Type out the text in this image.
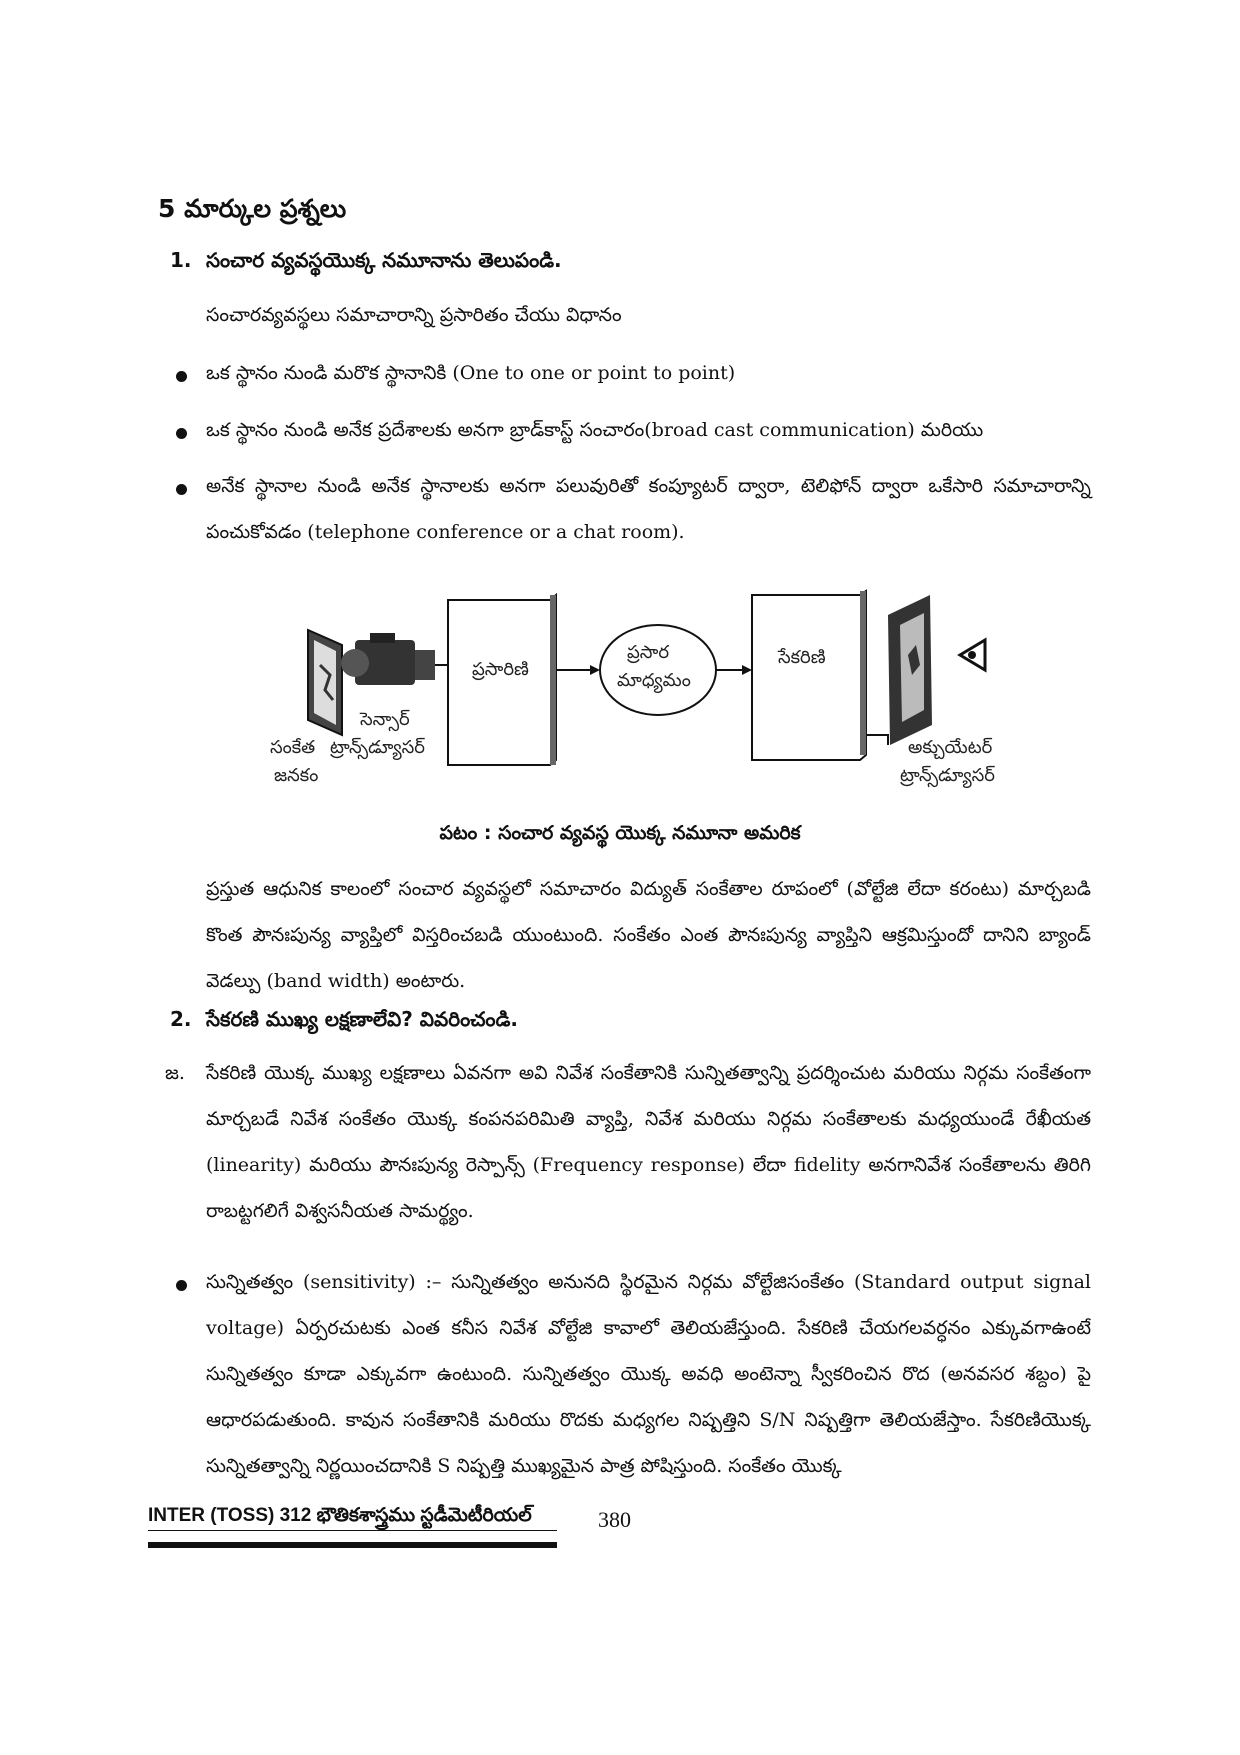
5 మార్కుల ప్రశ్నలు
1. సంచార వ్యవస్థయొక్క నమూనాను తెలుపండి.
సంచారవ్యవస్థలు సమాచారాన్ని ప్రసారితం చేయు విధానం
ఒక స్థానం నుండి మరొక స్థానానికి (One to one or point to point)
ఒక స్థానం నుండి అనేక ప్రదేశాలకు అనగా బ్రాడ్‌కాస్ట్ సంచారం(broad cast communication) మరియు
అనేక స్థానాల నుండి అనేక స్థానాలకు అనగా పలువురితో కంప్యూటర్ ద్వారా, టెలిఫోన్ ద్వారా ఒకేసారి సమాచారాన్ని పంచుకోవడం (telephone conference or a chat room).
ప్రసారిణి
ప్రసార
మాధ్యమం
సేకరిణి
సెన్సార్
ట్రాన్స్‌డ్యూసర్
సంకేత
జనకం
అక్చుయేటర్
ట్రాన్స్‌డ్యూసర్
పటం : సంచార వ్యవస్థ యొక్క నమూనా అమరిక
ప్రస్తుత ఆధునిక కాలంలో సంచార వ్యవస్థలో సమాచారం విద్యుత్ సంకేతాల రూపంలో (వోల్టేజి లేదా కరంటు) మార్చబడి కొంత పౌనఃపున్య వ్యాప్తిలో విస్తరించబడి యుంటుంది. సంకేతం ఎంత పౌనఃపున్య వ్యాప్తిని ఆక్రమిస్తుందో దానిని బ్యాండ్ వెడల్పు (band width) అంటారు.
2. సేకరణి ముఖ్య లక్షణాలేవి? వివరించండి.
జ. సేకరిణి యొక్క ముఖ్య లక్షణాలు ఏవనగా అవి నివేశ సంకేతానికి సున్నితత్వాన్ని ప్రదర్శించుట మరియు నిర్గమ సంకేతంగా మార్చబడే నివేశ సంకేతం యొక్క కంపనపరిమితి వ్యాప్తి, నివేశ మరియు నిర్గమ సంకేతాలకు మధ్యయుండే రేఖీయత (linearity) మరియు పౌనఃపున్య రెస్పాన్స్ (Frequency response) లేదా fidelity అనగానివేశ సంకేతాలను తిరిగి రాబట్టగలిగే విశ్వసనీయత సామర్థ్యం.
సున్నితత్వం (sensitivity) :– సున్నితత్వం అనునది స్థిరమైన నిర్గమ వోల్టేజిసంకేతం (Standard output signal voltage) ఏర్పరచుటకు ఎంత కనీస నివేశ వోల్టేజి కావాలో తెలియజేస్తుంది. సేకరిణి చేయగలవర్ధనం ఎక్కువగాఉంటే సున్నితత్వం కూడా ఎక్కువగా ఉంటుంది. సున్నితత్వం యొక్క అవధి అంటెన్నా స్వీకరించిన రొద (అనవసర శబ్దం) పై ఆధారపడుతుంది. కావున సంకేతానికి మరియు రొదకు మధ్యగల నిష్పత్తిని S/N నిష్పత్తిగా తెలియజేస్తాం. సేకరిణియొక్క సున్నితత్వాన్ని నిర్ణయించదానికి S నిష్పత్తి ముఖ్యమైన పాత్ర పోషిస్తుంది. సంకేతం యొక్క
INTER (TOSS) 312 భౌతికశాస్త్రము స్టడీమెటీరియల్	380
